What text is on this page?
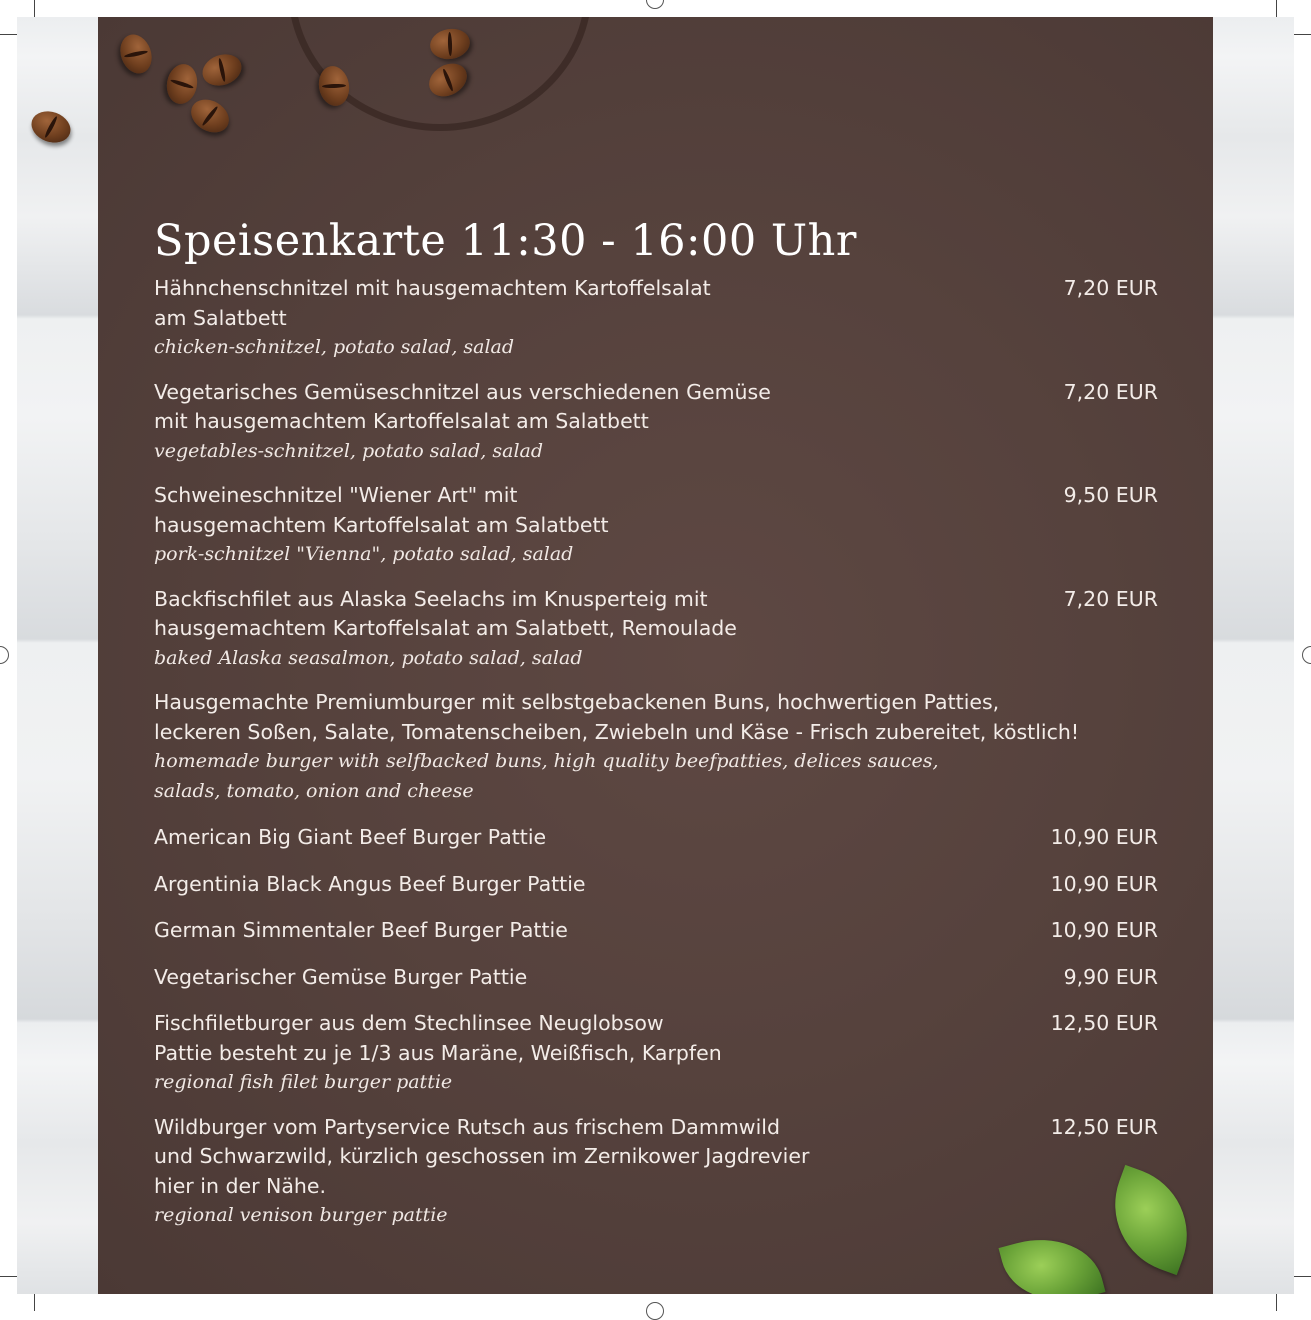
Speisenkarte 11:30 - 16:00 Uhr
Hähnchenschnitzel mit hausgemachtem Kartoffelsalat
am Salatbett
chicken-schnitzel, potato salad, salad
7,20 EUR
Vegetarisches Gemüseschnitzel aus verschiedenen Gemüse
mit hausgemachtem Kartoffelsalat am Salatbett
vegetables-schnitzel, potato salad, salad
7,20 EUR
Schweineschnitzel "Wiener Art" mit
hausgemachtem Kartoffelsalat am Salatbett
pork-schnitzel "Vienna", potato salad, salad
9,50 EUR
Backfischfilet aus Alaska Seelachs im Knusperteig mit
hausgemachtem Kartoffelsalat am Salatbett, Remoulade
baked Alaska seasalmon, potato salad, salad
7,20 EUR
Hausgemachte Premiumburger mit selbstgebackenen Buns, hochwertigen Patties,
leckeren Soßen, Salate, Tomatenscheiben, Zwiebeln und Käse - Frisch zubereitet, köstlich!
homemade burger with selfbacked buns, high quality beefpatties, delices sauces,
salads, tomato, onion and cheese
American Big Giant Beef Burger Pattie	10,90 EUR
Argentinia Black Angus Beef Burger Pattie	10,90 EUR
German Simmentaler Beef Burger Pattie	10,90 EUR
Vegetarischer Gemüse Burger Pattie	9,90 EUR
Fischfiletburger aus dem Stechlinsee Neuglobsow
Pattie besteht zu je 1/3 aus Maräne, Weißfisch, Karpfen
regional fish filet burger pattie
12,50 EUR
Wildburger vom Partyservice Rutsch aus frischem Dammwild
und Schwarzwild, kürzlich geschossen im Zernikower Jagdrevier
hier in der Nähe.
regional venison burger pattie
12,50 EUR
